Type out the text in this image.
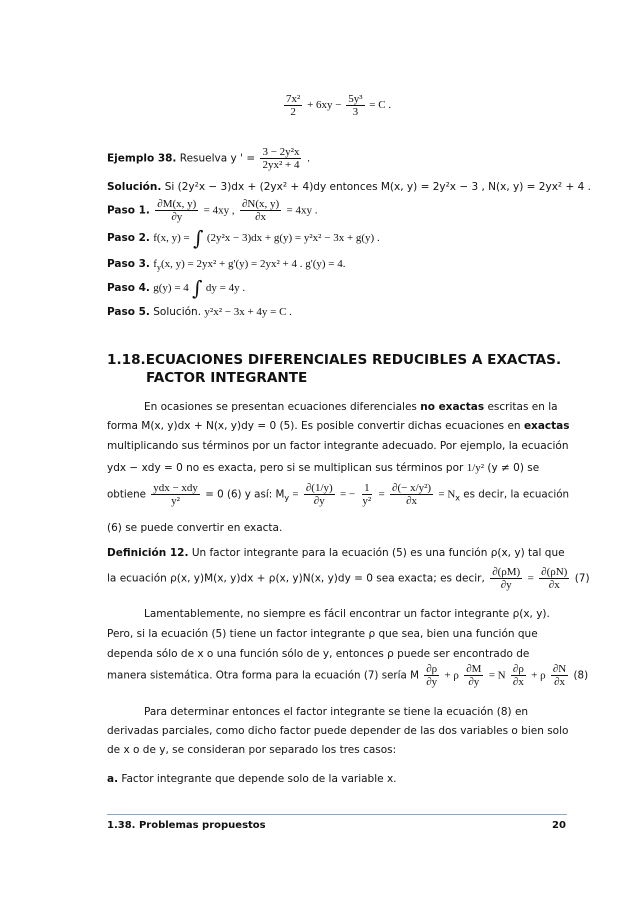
$\frac{\text{7x²}}{2} + 6xy - \frac{\text{5y³}}{3} = C$ .
Ejemplo 38. Resuelva y ' = $\frac{\text{3 − 2y²x}}{\text{2yx² + 4}}$ .
Solución. Si (2y²x − 3)dx + (2yx² + 4)dy entonces M(x, y) = 2y²x − 3 , N(x, y) = 2yx² + 4 .
Paso 1. $\frac{\partial M(x, y)}{\partial y} = 4xy$ , $\frac{\partial N(x, y)}{\partial x} = 4xy$ .
Paso 2. f(x, y) = ∫ (2y²x − 3)dx + g(y) = y²x² − 3x + g(y) .
Paso 3. $f_y(x$, y) = 2yx² + g'(y) = 2yx² + 4 . g'(y) = 4.
Paso 4. g(y) = 4 ∫ dy = 4y .
Paso 5. Solución. y²x² − 3x + 4y = C .
1.18.ECUACIONES DIFERENCIALES REDUCIBLES A EXACTAS.
FACTOR INTEGRANTE
En ocasiones se presentan ecuaciones diferenciales no exactas escritas en la
forma M(x, y)dx + N(x, y)dy = 0 (5). Es posible convertir dichas ecuaciones en exactas
multiplicando sus términos por un factor integrante adecuado. Por ejemplo, la ecuación
ydx − xdy = 0 no es exacta, pero si se multiplican sus términos por 1/y² (y ≠ 0) se
obtiene $\frac{\text{ydx − xdy}}{\text{y²}} = 0$ (6) y así: $M_y = \frac{\partial(1/y)}{\partial y}$ = − $\frac{1}{\text{y²}} = \frac{\text{∂(− x/y²)}}{\partial x} = N_x$ es decir, la ecuación
(6) se puede convertir en exacta.
Definición 12. Un factor integrante para la ecuación (5) es una función ρ(x, y) tal que
la ecuación ρ(x, y)M(x, y)dx + ρ(x, y)N(x, y)dy = 0 sea exacta; es decir, $\frac{\partial(\rho M)}{\partial y} = \frac{\partial(\rho N)}{\partial x} (7)$
Lamentablemente, no siempre es fácil encontrar un factor integrante ρ(x, y).
Pero, si la ecuación (5) tiene un factor integrante ρ que sea, bien una función que
dependa sólo de x o una función sólo de y, entonces ρ puede ser encontrado de
manera sistemática. Otra forma para la ecuación (7) sería M $\frac{\partial\rho}{\partial y} + \rho \frac{\partial M}{\partial y} = N \frac{\partial\rho}{\partial x} + \rho \frac{\partial N}{\partial x} (8)$
Para determinar entonces el factor integrante se tiene la ecuación (8) en
derivadas parciales, como dicho factor puede depender de las dos variables o bien solo
de x o de y, se consideran por separado los tres casos:
a. Factor integrante que depende solo de la variable x.
1.38. Problemas propuestos	20
